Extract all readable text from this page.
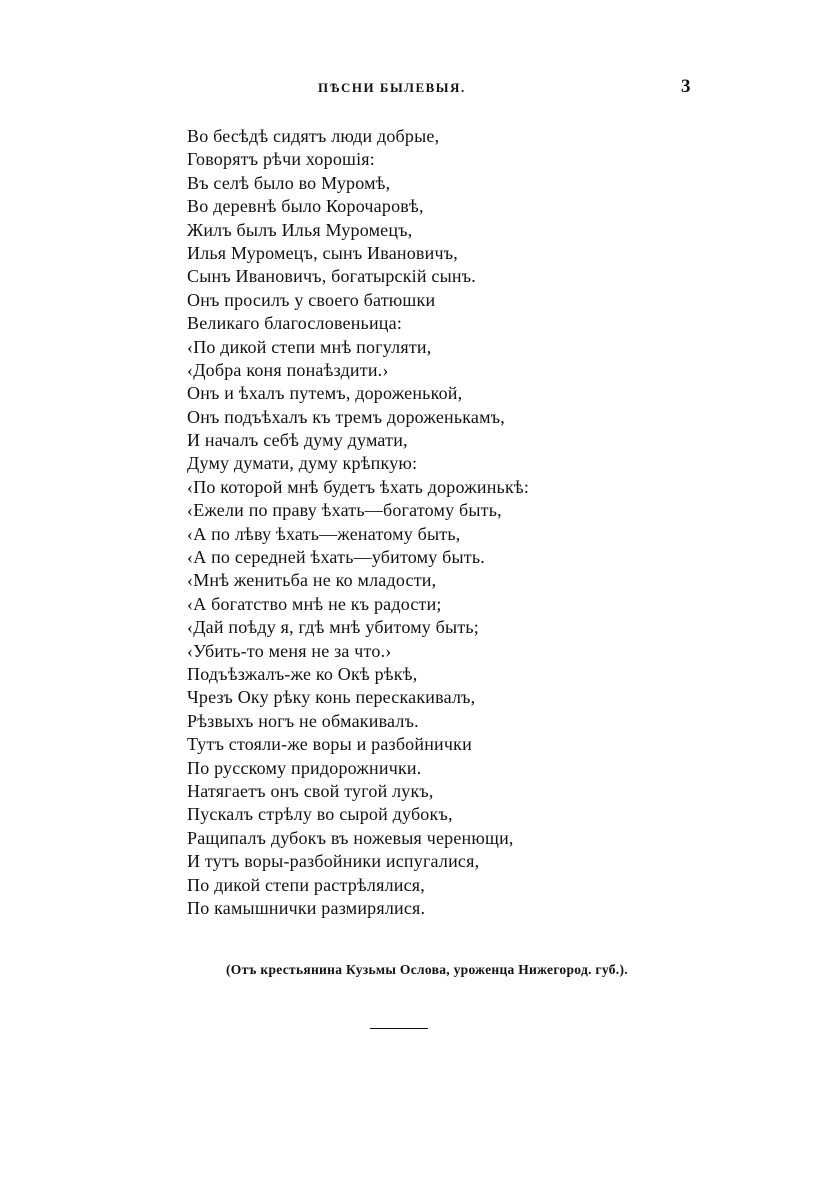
ПѢСНИ БЫЛЕВЫЯ.	3
Во бесѣдѣ сидятъ люди добрые,
Говорятъ рѣчи хорошія:
Въ селѣ было во Муромѣ,
Во деревнѣ было Корочаровѣ,
Жилъ былъ Илья Муромецъ,
Илья Муромецъ, сынъ Ивановичъ,
Сынъ Ивановичъ, богатырскій сынъ.
Онъ просилъ у своего батюшки
Великаго благословеньица:
‹По дикой степи мнѣ погуляти,
‹Добра коня понаѣздити.›
Онъ и ѣхалъ путемъ, дороженькой,
Онъ подъѣхалъ къ тремъ дороженькамъ,
И началъ себѣ думу думати,
Думу думати, думу крѣпкую:
‹По которой мнѣ будетъ ѣхать дорожинькѣ:
‹Ежели по праву ѣхать—богатому быть,
‹А по лѣву ѣхать—женатому быть,
‹А по середней ѣхать—убитому быть.
‹Мнѣ женитьба не ко младости,
‹А богатство мнѣ не къ радости;
‹Дай поѣду я, гдѣ мнѣ убитому быть;
‹Убить-то меня не за что.›
Подъѣзжалъ-же ко Окѣ рѣкѣ,
Чрезъ Оку рѣку конь перескакивалъ,
Рѣзвыхъ ногъ не обмакивалъ.
Тутъ стояли-же воры и разбойнички
По русскому придорожнички.
Натягаетъ онъ свой тугой лукъ,
Пускалъ стрѣлу во сырой дубокъ,
Ращипалъ дубокъ въ ножевыя черенющи,
И тутъ воры-разбойники испугалися,
По дикой степи растрѣлялися,
По камышнички размирялися.
(Отъ крестьянина Кузьмы Ослова, уроженца Нижегород. губ.).
